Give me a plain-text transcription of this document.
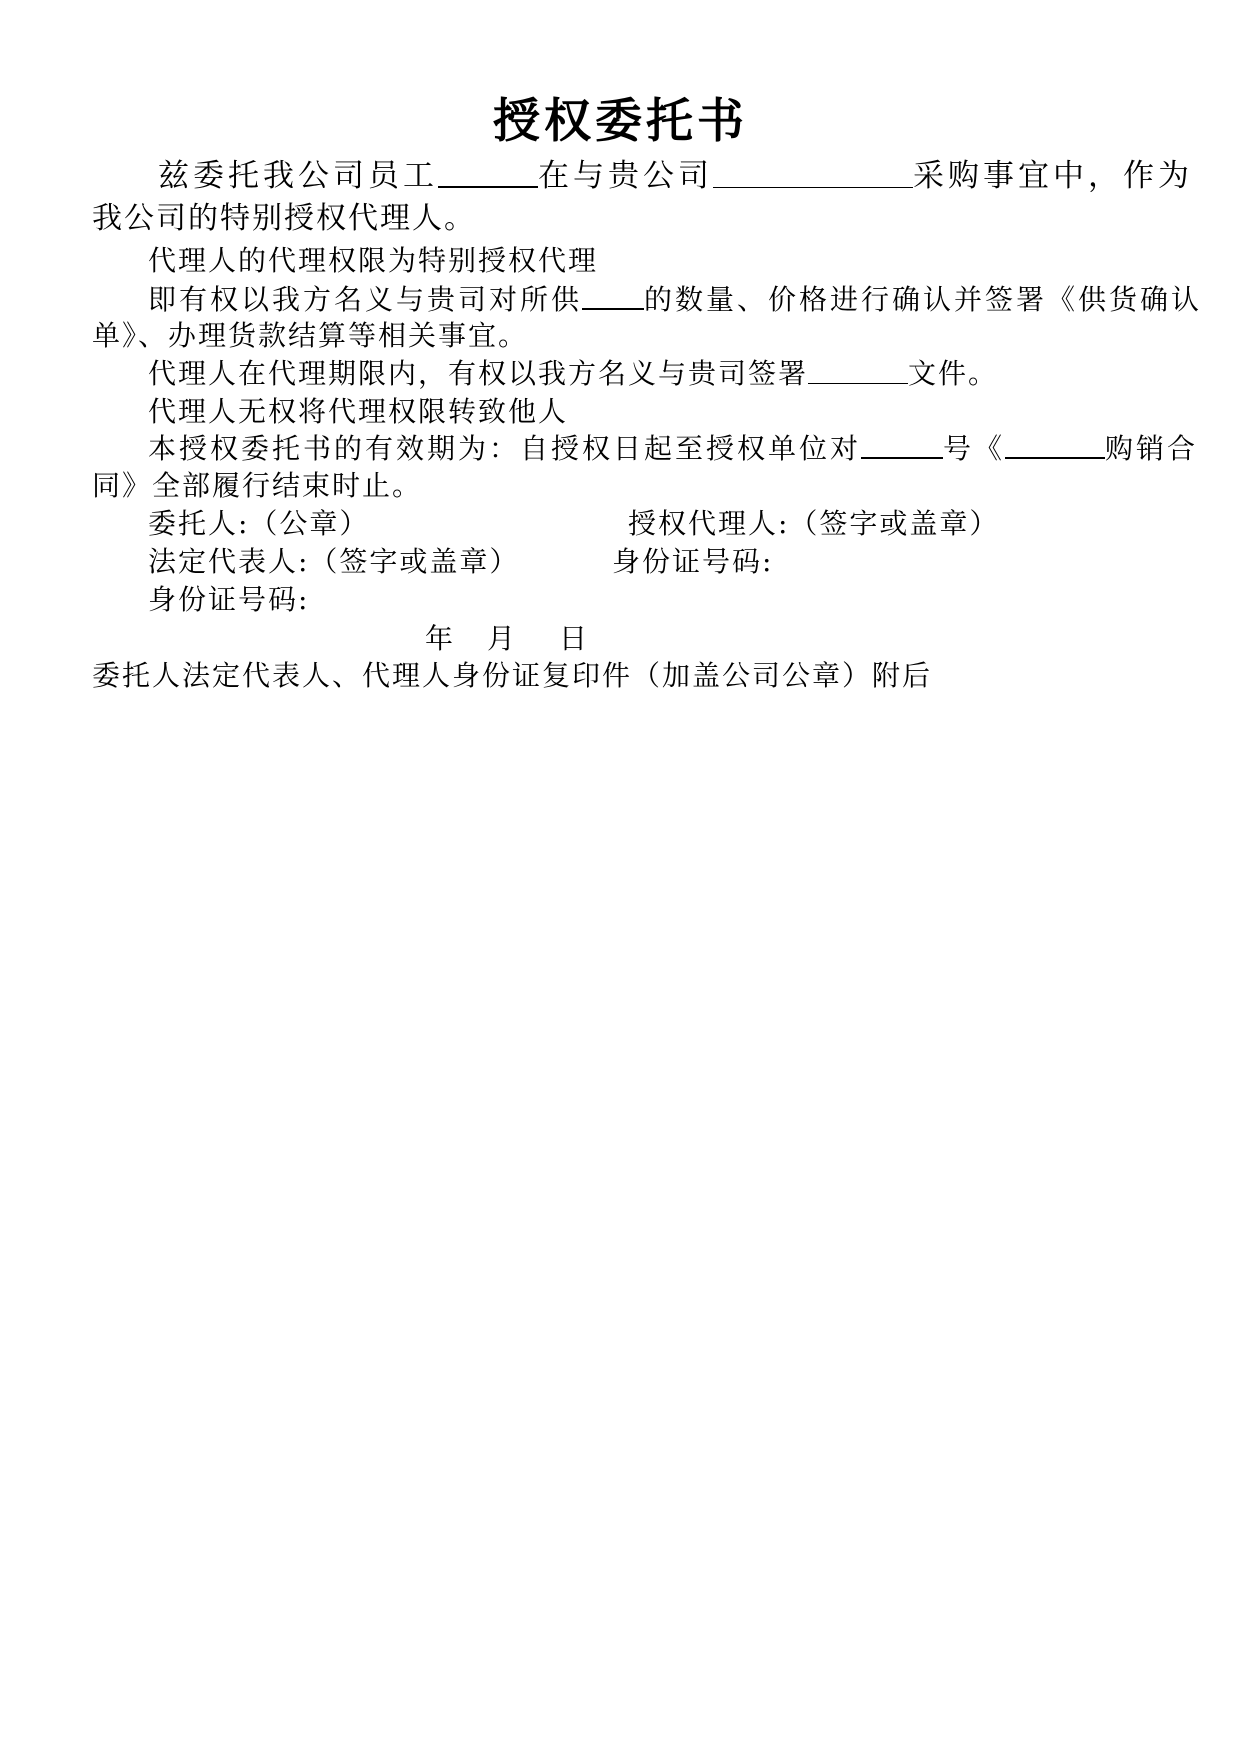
授权委托书
兹委托我公司员工	在与贵公司	采购事宜中，作为
我公司的特别授权代理人。
代理人的代理权限为特别授权代理
即有权以我方名义与贵司对所供 的数量、价格进行确认并签署《供货确认
单》、办理货款结算等相关事宜。
代理人在代理期限内，有权以我方名义与贵司签署	文件。
代理人无权将代理权限转致他人
本授权委托书的有效期为：自授权日起至授权单位对	号《	购销合
同》全部履行结束时止。
委托人:（公章）	授权代理人:（签字或盖章）
法定代表人:（签字或盖章）	身份证号码:
身份证号码:
年 月 日
委托人法定代表人、代理人身份证复印件（加盖公司公章）附后
